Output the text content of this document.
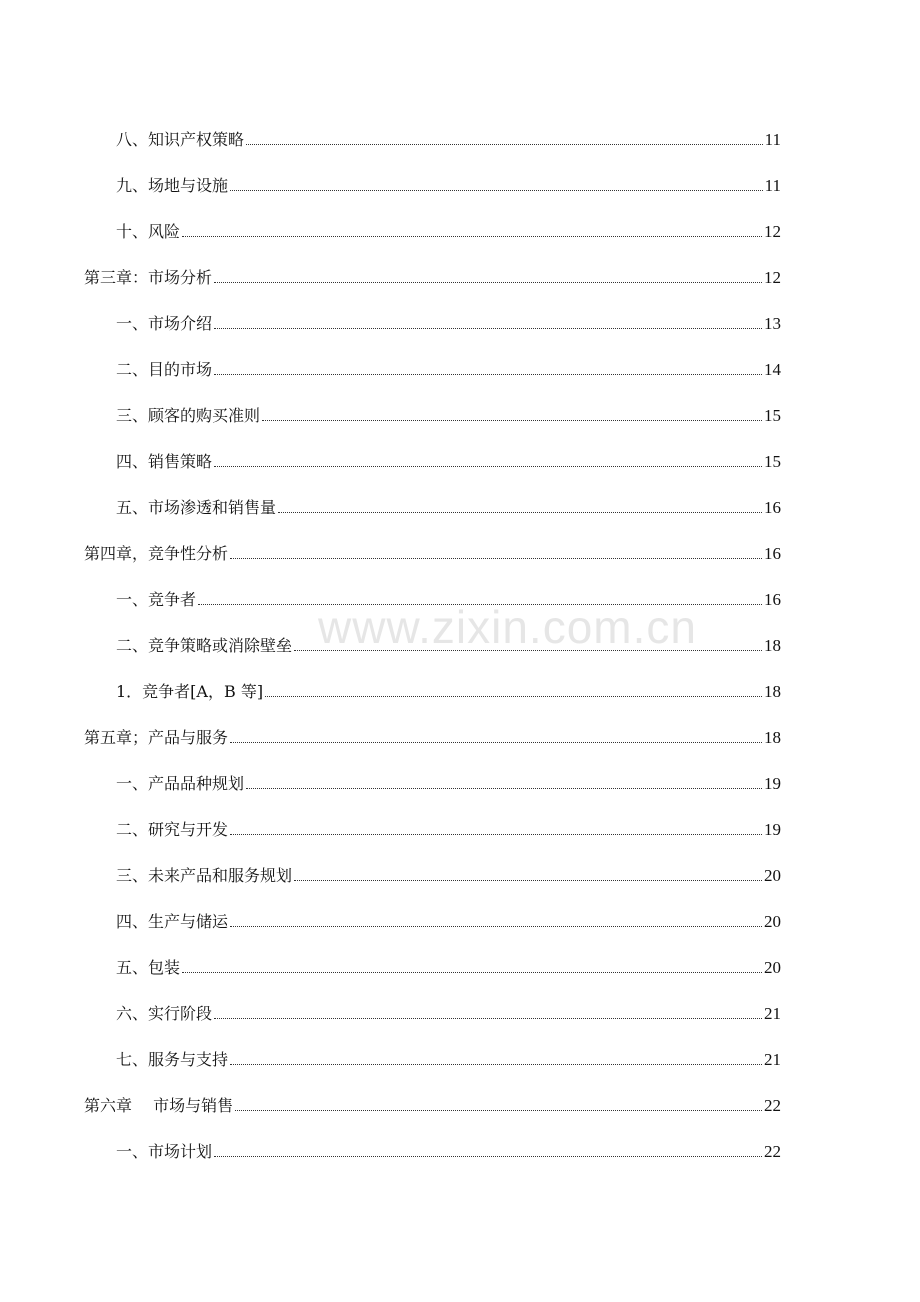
八、知识产权策略	11
九、场地与设施	11
十、风险	12
第三章：市场分析	12
一、市场介绍	13
二、目的市场	14
三、顾客的购买准则	15
四、销售策略	15
五、市场渗透和销售量	16
第四章，竞争性分析	16
一、竞争者	16
二、竞争策略或消除壁垒	18
1．竞争者[A，B 等]	18
第五章；产品与服务	18
一、产品品种规划	19
二、研究与开发	19
三、未来产品和服务规划	20
四、生产与储运	20
五、包装	20
六、实行阶段	21
七、服务与支持	21
第六章　 市场与销售	22
一、市场计划	22
www.zixin.com.cn
